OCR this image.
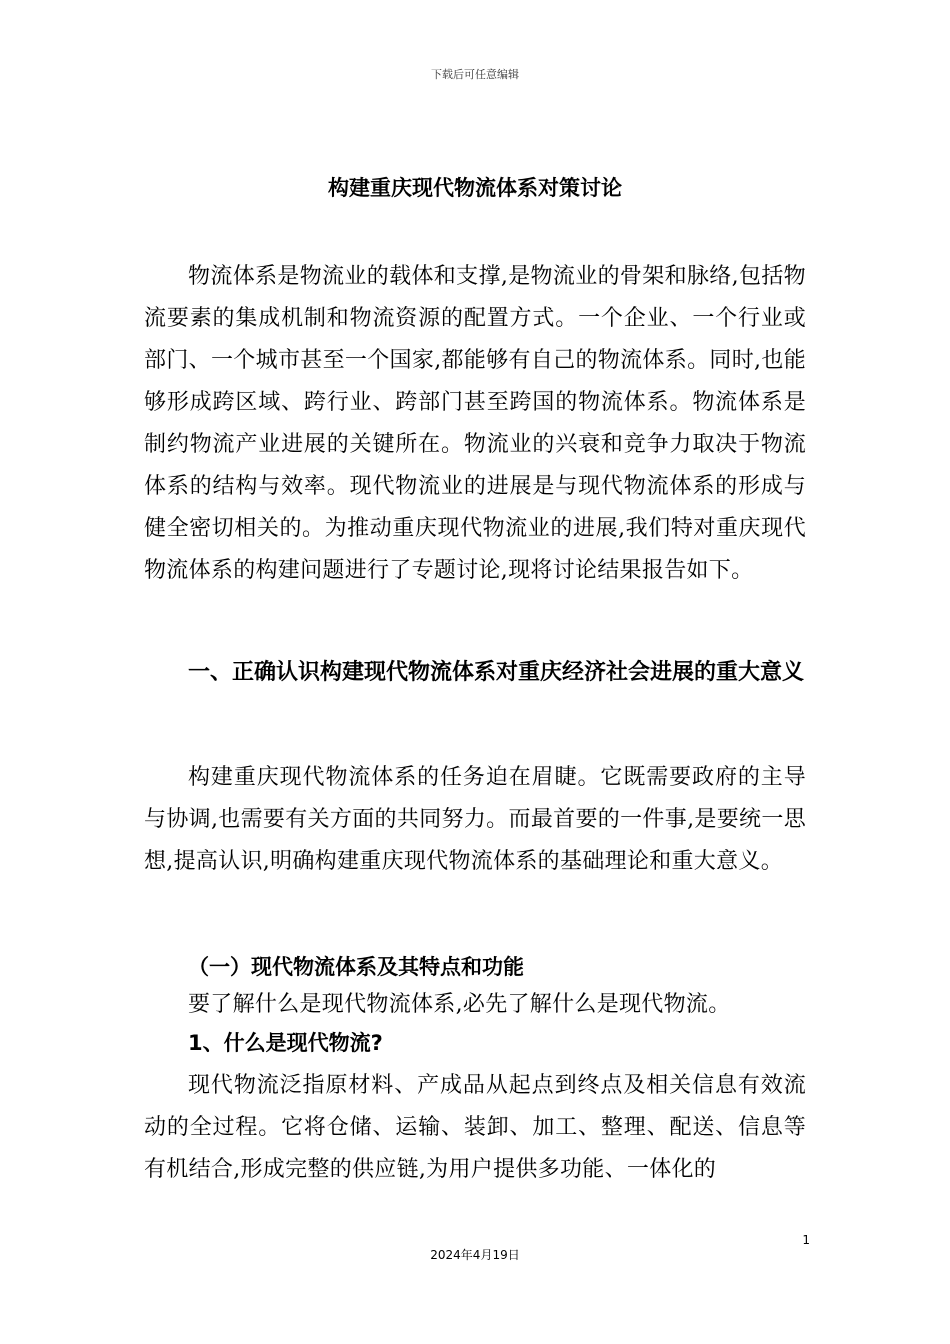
下载后可任意编辑
构建重庆现代物流体系对策讨论

物流体系是物流业的载体和支撑,是物流业的骨架和脉络,包括物流要素的集成机制和物流资源的配置方式。一个企业、一个行业或部门、一个城市甚至一个国家,都能够有自己的物流体系。同时,也能够形成跨区域、跨行业、跨部门甚至跨国的物流体系。物流体系是制约物流产业进展的关键所在。物流业的兴衰和竞争力取决于物流体系的结构与效率。现代物流业的进展是与现代物流体系的形成与健全密切相关的。为推动重庆现代物流业的进展,我们特对重庆现代物流体系的构建问题进行了专题讨论,现将讨论结果报告如下。

一、正确认识构建现代物流体系对重庆经济社会进展的重大意义

构建重庆现代物流体系的任务迫在眉睫。它既需要政府的主导与协调,也需要有关方面的共同努力。而最首要的一件事,是要统一思想,提高认识,明确构建重庆现代物流体系的基础理论和重大意义。

（一）现代物流体系及其特点和功能

要了解什么是现代物流体系,必先了解什么是现代物流。

1、什么是现代物流?

现代物流泛指原材料、产成品从起点到终点及相关信息有效流动的全过程。它将仓储、运输、装卸、加工、整理、配送、信息等有机结合,形成完整的供应链,为用户提供多功能、一体化的

1
2024年4月19日
